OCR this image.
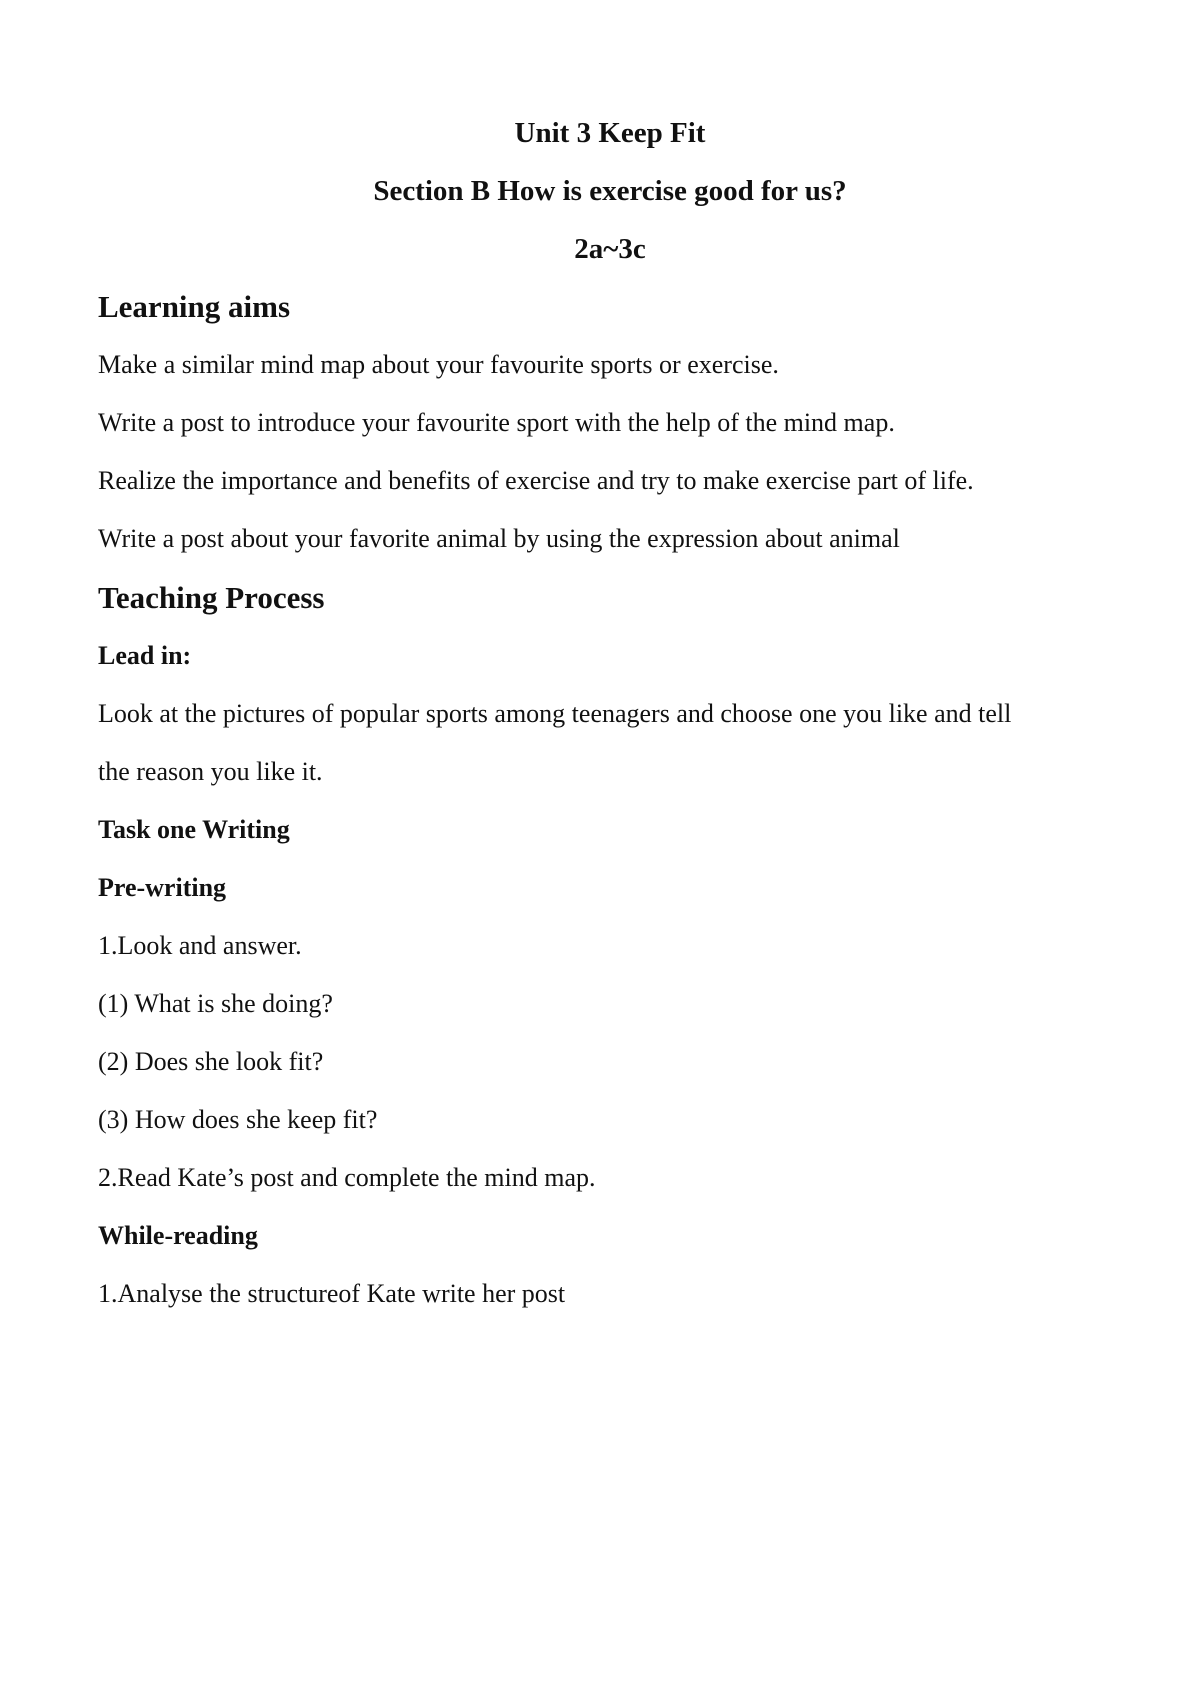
Unit 3 Keep Fit
Section B How is exercise good for us?
2a~3c
Learning aims
Make a similar mind map about your favourite sports or exercise.
Write a post to introduce your favourite sport with the help of the mind map.
Realize the importance and benefits of exercise and try to make exercise part of life.
Write a post about your favorite animal by using the expression about animal
Teaching Process
Lead in:
Look at the pictures of popular sports among teenagers and choose one you like and tell
the reason you like it.
Task one Writing
Pre-writing
1.Look and answer.
(1) What is she doing?
(2) Does she look fit?
(3) How does she keep fit?
2.Read Kate’s post and complete the mind map.
While-reading
1.Analyse the structureof Kate write her post
